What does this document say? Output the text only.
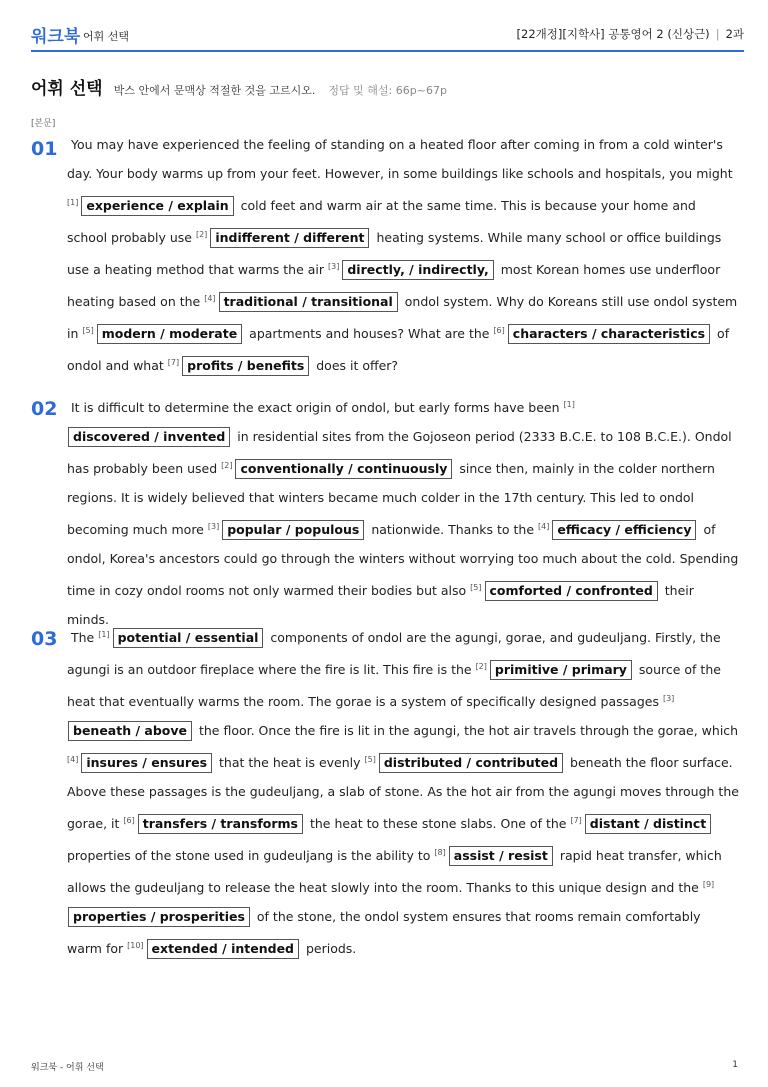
워크북 어휘 선택	[22개정][지학사] 공통영어 2 (신상근) | 2과
어휘 선택 박스 안에서 문맥상 적절한 것을 고르시오. 정답 및 해설: 66p~67p
[본문]
01	You may have experienced the feeling of standing on a heated floor after coming in from a cold winter's day. Your body warms up from your feet. However, in some buildings like schools and hospitals, you might [1] experience / explain cold feet and warm air at the same time. This is because your home and school probably use [2] indifferent / different heating systems. While many school or office buildings use a heating method that warms the air [3] directly, / indirectly, most Korean homes use underfloor heating based on the [4] traditional / transitional ondol system. Why do Koreans still use ondol system in [5] modern / moderate apartments and houses? What are the [6] characters / characteristics of ondol and what [7] profits / benefits does it offer?
02	It is difficult to determine the exact origin of ondol, but early forms have been [1]discovered / invented in residential sites from the Gojoseon period (2333 B.C.E. to 108 B.C.E.). Ondol has probably been used [2] conventionally / continuously since then, mainly in the colder northern regions. It is widely believed that winters became much colder in the 17th century. This led to ondol becoming much more [3] popular / populous nationwide. Thanks to the [4] efficacy / efficiency of ondol, Korea's ancestors could go through the winters without worrying too much about the cold. Spending time in cozy ondol rooms not only warmed their bodies but also [5] comforted / confronted their minds.
03	The [1] potential / essential components of ondol are the agungi, gorae, and gudeuljang. Firstly, the agungi is an outdoor fireplace where the fire is lit. This fire is the [2] primitive / primary source of the heat that eventually warms the room. The gorae is a system of specifically designed passages [3]beneath / above the floor. Once the fire is lit in the agungi, the hot air travels through the gorae, which [4] insures / ensures that the heat is evenly [5] distributed / contributed beneath the floor surface. Above these passages is the gudeuljang, a slab of stone. As the hot air from the agungi moves through the gorae, it [6] transfers / transforms the heat to these stone slabs. One of the [7] distant / distinct properties of the stone used in gudeuljang is the ability to [8] assist / resist rapid heat transfer, which allows the gudeuljang to release the heat slowly into the room. Thanks to this unique design and the [9]properties / prosperities of the stone, the ondol system ensures that rooms remain comfortably warm for [10] extended / intended periods.
워크북 - 어휘 선택	1
